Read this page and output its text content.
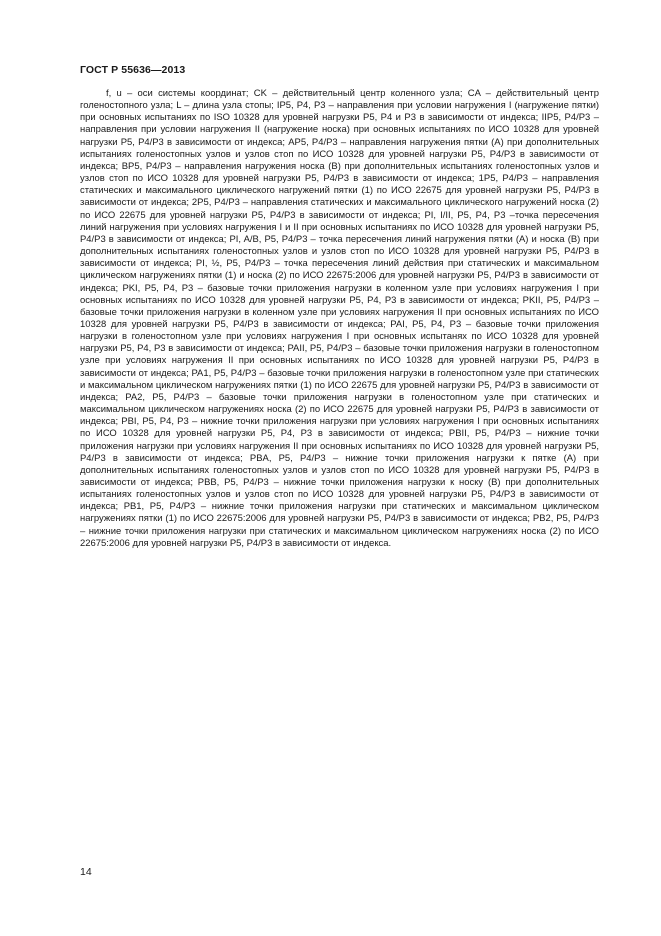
ГОСТ Р 55636—2013
f, u – оси системы координат; CK – действительный центр коленного узла; CA – действительный центр голеностопного узла; L – длина узла стопы; IP5, P4, P3 – направления при условии нагружения I (нагружение пятки) при основных испытаниях по ISO 10328 для уровней нагрузки P5, P4 и P3 в зависимости от индекса; IIP5, P4/P3 – направления при условии нагружения II (нагружение носка) при основных испытаниях по ИСО 10328 для уровней нагрузки P5, P4/P3 в зависимости от индекса; AP5, P4/P3 – направления нагружения пятки (A) при дополнительных испытаниях голеностопных узлов и узлов стоп по ИСО 10328 для уровней нагрузки P5, P4/P3 в зависимости от индекса; BP5, P4/P3 – направления нагружения носка (B) при дополнительных испытаниях голеностопных узлов и узлов стоп по ИСО 10328 для уровней нагрузки P5, P4/P3 в зависимости от индекса; 1P5, P4/P3 – направления статических и максимального циклического нагружений пятки (1) по ИСО 22675 для уровней нагрузки P5, P4/P3 в зависимости от индекса; 2P5, P4/P3 – направления статических и максимального циклического нагружений носка (2) по ИСО 22675 для уровней нагрузки P5, P4/P3 в зависимости от индекса; PI, I/II, P5, P4, P3 –точка пересечения линий нагружения при условиях нагружения I и II при основных испытаниях по ИСО 10328 для уровней нагрузки P5, P4/P3 в зависимости от индекса; PI, A/B, P5, P4/P3 – точка пересечения линий нагружения пятки (A) и носка (B) при дополнительных испытаниях голеностопных узлов и узлов стоп по ИСО 10328 для уровней нагрузки P5, P4/P3 в зависимости от индекса; PI, ½, P5, P4/P3 – точка пересечения линий действия при статических и максимальном циклическом нагружениях пятки (1) и носка (2) по ИСО 22675:2006 для уровней нагрузки P5, P4/P3 в зависимости от индекса; PKI, P5, P4, P3 – базовые точки приложения нагрузки в коленном узле при условиях нагружения I при основных испытаниях по ИСО 10328 для уровней нагрузки P5, P4, P3 в зависимости от индекса; PKII, P5, P4/P3 – базовые точки приложения нагрузки в коленном узле при условиях нагружения II при основных испытаниях по ИСО 10328 для уровней нагрузки P5, P4/P3 в зависимости от индекса; PAI, P5, P4, P3 – базовые точки приложения нагрузки в голеностопном узле при условиях нагружения I при основных испытанях по ИСО 10328 для уровней нагрузки P5, P4, P3 в зависимости от индекса; PAII, P5, P4/P3 – базовые точки приложения нагрузки в голеностопном узле при условиях нагружения II при основных испытаниях по ИСО 10328 для уровней нагрузки P5, P4/P3 в зависимости от индекса; PA1, P5, P4/P3 – базовые точки приложения нагрузки в голеностопном узле при статических и максимальном циклическом нагружениях пятки (1) по ИСО 22675 для уровней нагрузки P5, P4/P3 в зависимости от индекса; PA2, P5, P4/P3 – базовые точки приложения нагрузки в голеностопном узле при статических и максимальном циклическом нагружениях носка (2) по ИСО 22675 для уровней нагрузки P5, P4/P3 в зависимости от индекса; PBI, P5, P4, P3 – нижние точки приложения нагрузки при условиях нагружения I при основных испытаниях по ИСО 10328 для уровней нагрузки P5, P4, P3 в зависимости от индекса; PBII, P5, P4/P3 – нижние точки приложения нагрузки при условиях нагружения II при основных испытаниях по ИСО 10328 для уровней нагрузки P5, P4/P3 в зависимости от индекса; PBA, P5, P4/P3 – нижние точки приложения нагрузки к пятке (A) при дополнительных испытаниях голеностопных узлов и узлов стоп по ИСО 10328 для уровней нагрузки P5, P4/P3 в зависимости от индекса; PBB, P5, P4/P3 – нижние точки приложения нагрузки к носку (B) при дополнительных испытаниях голеностопных узлов и узлов стоп по ИСО 10328 для уровней нагрузки P5, P4/P3 в зависимости от индекса; PB1, P5, P4/P3 – нижние точки приложения нагрузки при статических и максимальном циклическом нагружениях пятки (1) по ИСО 22675:2006 для уровней нагрузки P5, P4/P3 в зависимости от индекса; PB2, P5, P4/P3 – нижние точки приложения нагрузки при статических и максимальном циклическом нагружениях носка (2) по ИСО 22675:2006 для уровней нагрузки P5, P4/P3 в зависимости от индекса.
14
